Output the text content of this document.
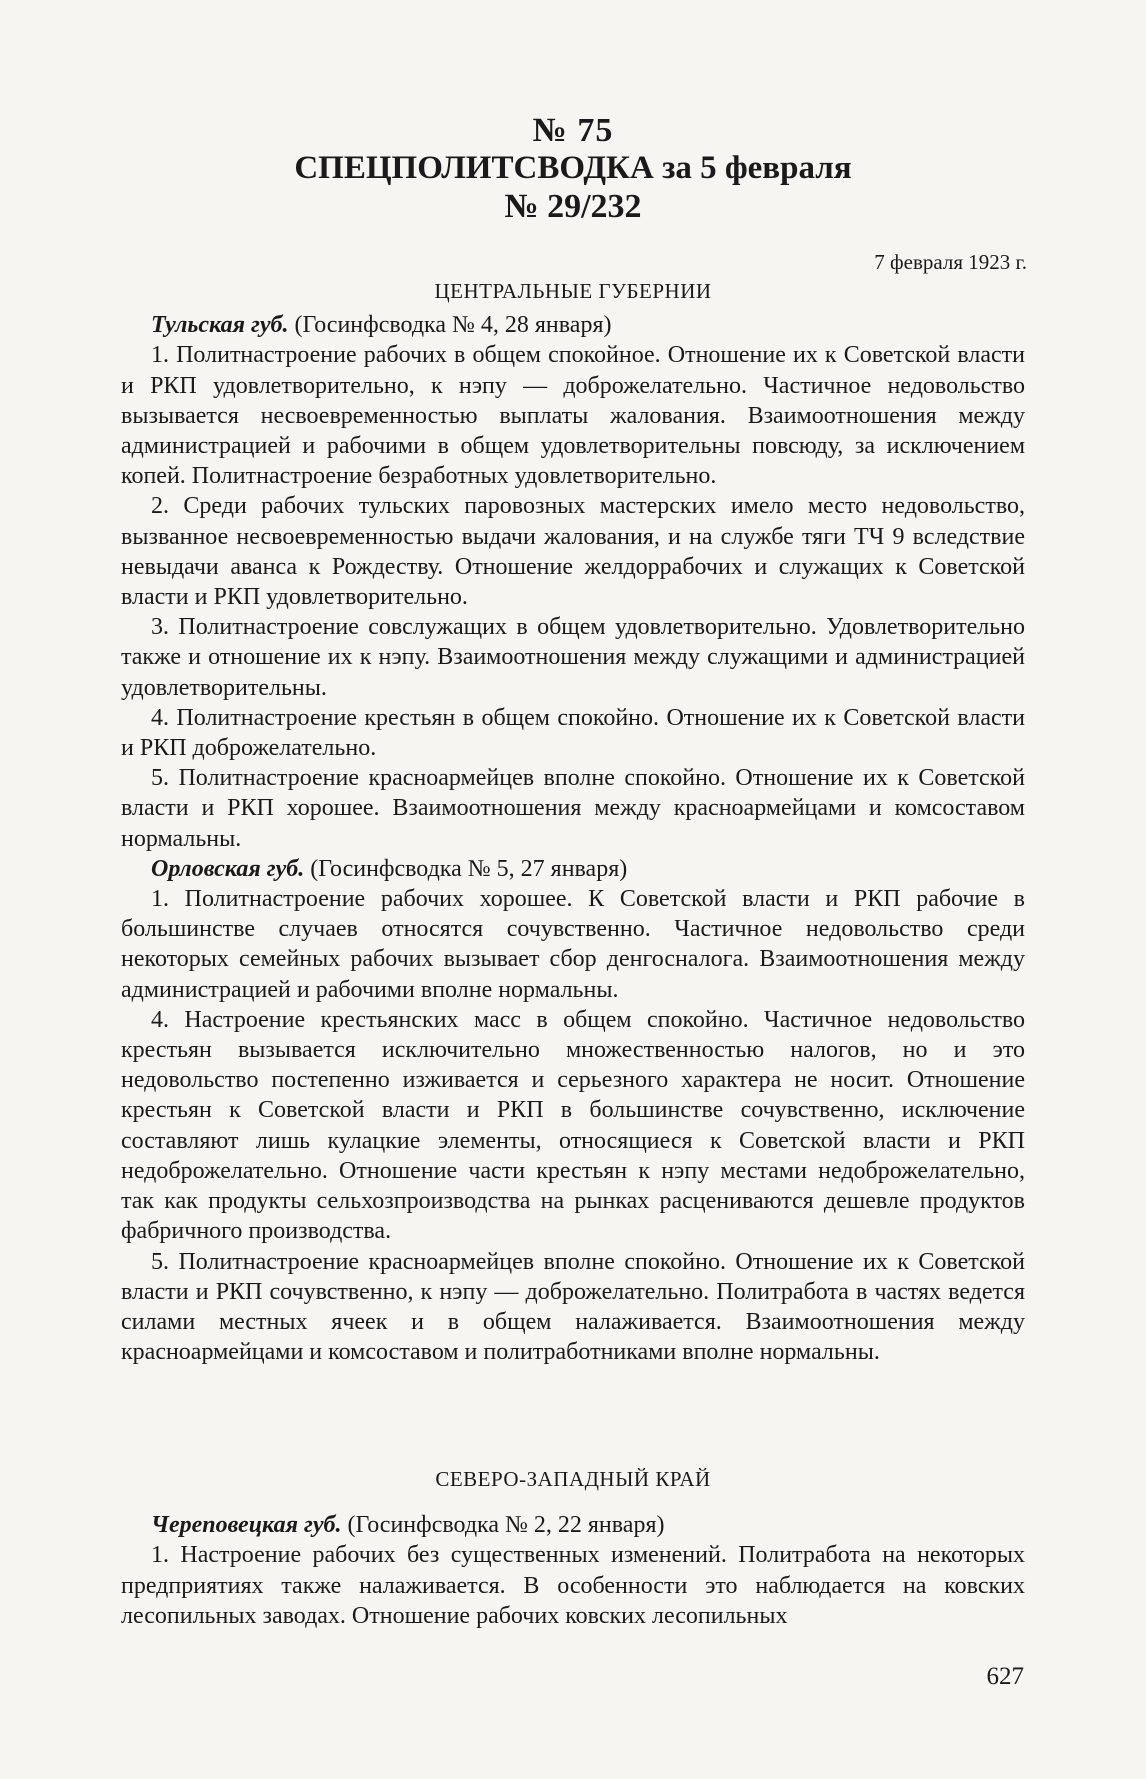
№ 75
СПЕЦПОЛИТСВОДКА за 5 февраля
№ 29/232
7 февраля 1923 г.

ЦЕНТРАЛЬНЫЕ ГУБЕРНИИ

Тульская губ. (Госинфсводка № 4, 28 января)

1. Политнастроение рабочих в общем спокойное. Отношение их к Советской власти и РКП удовлетворительно, к нэпу — доброжелательно. Частичное недовольство вызывается несвоевременностью выплаты жалования. Взаимоотношения между администрацией и рабочими в общем удовлетворительны повсюду, за исключением копей. Политнастроение безработных удовлетворительно.

2. Среди рабочих тульских паровозных мастерских имело место недовольство, вызванное несвоевременностью выдачи жалования, и на службе тяги ТЧ 9 вследствие невыдачи аванса к Рождеству. Отношение желдоррабочих и служащих к Советской власти и РКП удовлетворительно.

3. Политнастроение совслужащих в общем удовлетворительно. Удовлетворительно также и отношение их к нэпу. Взаимоотношения между служащими и администрацией удовлетворительны.

4. Политнастроение крестьян в общем спокойно. Отношение их к Советской власти и РКП доброжелательно.

5. Политнастроение красноармейцев вполне спокойно. Отношение их к Советской власти и РКП хорошее. Взаимоотношения между красноармейцами и комсоставом нормальны.

Орловская губ. (Госинфсводка № 5, 27 января)

1. Политнастроение рабочих хорошее. К Советской власти и РКП рабочие в большинстве случаев относятся сочувственно. Частичное недовольство среди некоторых семейных рабочих вызывает сбор денгосналога. Взаимоотношения между администрацией и рабочими вполне нормальны.

4. Настроение крестьянских масс в общем спокойно. Частичное недовольство крестьян вызывается исключительно множественностью налогов, но и это недовольство постепенно изживается и серьезного характера не носит. Отношение крестьян к Советской власти и РКП в большинстве сочувственно, исключение составляют лишь кулацкие элементы, относящиеся к Советской власти и РКП недоброжелательно. Отношение части крестьян к нэпу местами недоброжелательно, так как продукты сельхозпроизводства на рынках расцениваются дешевле продуктов фабричного производства.

5. Политнастроение красноармейцев вполне спокойно. Отношение их к Советской власти и РКП сочувственно, к нэпу — доброжелательно. Политработа в частях ведется силами местных ячеек и в общем налаживается. Взаимоотношения между красноармейцами и комсоставом и политработниками вполне нормальны.

СЕВЕРО-ЗАПАДНЫЙ КРАЙ

Череповецкая губ. (Госинфсводка № 2, 22 января)

1. Настроение рабочих без существенных изменений. Политработа на некоторых предприятиях также налаживается. В особенности это наблюдается на ковских лесопильных заводах. Отношение рабочих ковских лесопильных

627
